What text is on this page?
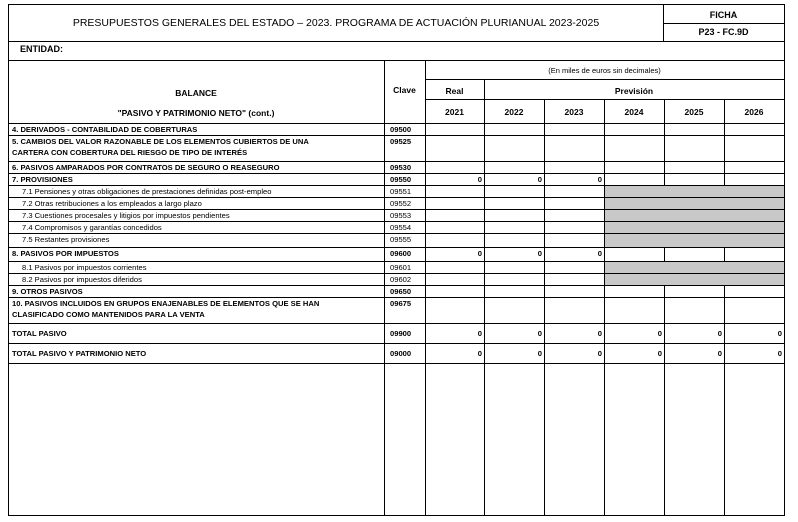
PRESUPUESTOS GENERALES DEL ESTADO – 2023. PROGRAMA DE ACTUACIÓN PLURIANUAL 2023-2025
FICHA
P23 - FC.9D
ENTIDAD:
BALANCE
"PASIVO Y PATRIMONIO NETO" (cont.)
Clave
(En miles de euros sin decimales)
Real	Previsión
2021	2022	2023	2024	2025	2026
4. DERIVADOS - CONTABILIDAD DE COBERTURAS	09500
5. CAMBIOS DEL VALOR RAZONABLE DE LOS ELEMENTOS CUBIERTOS DE UNA
CARTERA CON COBERTURA DEL RIESGO DE TIPO DE INTERÉS
09525
6. PASIVOS AMPARADOS POR CONTRATOS DE SEGURO O REASEGURO	09530
7. PROVISIONES	09550	0	0	0
7.1 Pensiones y otras obligaciones de prestaciones definidas post-empleo	09551
7.2 Otras retribuciones a los empleados a largo plazo	09552
7.3 Cuestiones procesales y litigios por impuestos pendientes	09553
7.4 Compromisos y garantías concedidos	09554
7.5 Restantes provisiones	09555
8. PASIVOS POR IMPUESTOS	09600	0	0	0
8.1 Pasivos por impuestos corrientes	09601
8.2 Pasivos por impuestos diferidos	09602
9. OTROS PASIVOS	09650
10. PASIVOS INCLUIDOS EN GRUPOS ENAJENABLES DE ELEMENTOS QUE SE HAN
CLASIFICADO COMO MANTENIDOS PARA LA VENTA
09675
TOTAL PASIVO	09900	0	0	0	0	0	0
TOTAL PASIVO Y PATRIMONIO NETO	09000	0	0	0	0	0	0
